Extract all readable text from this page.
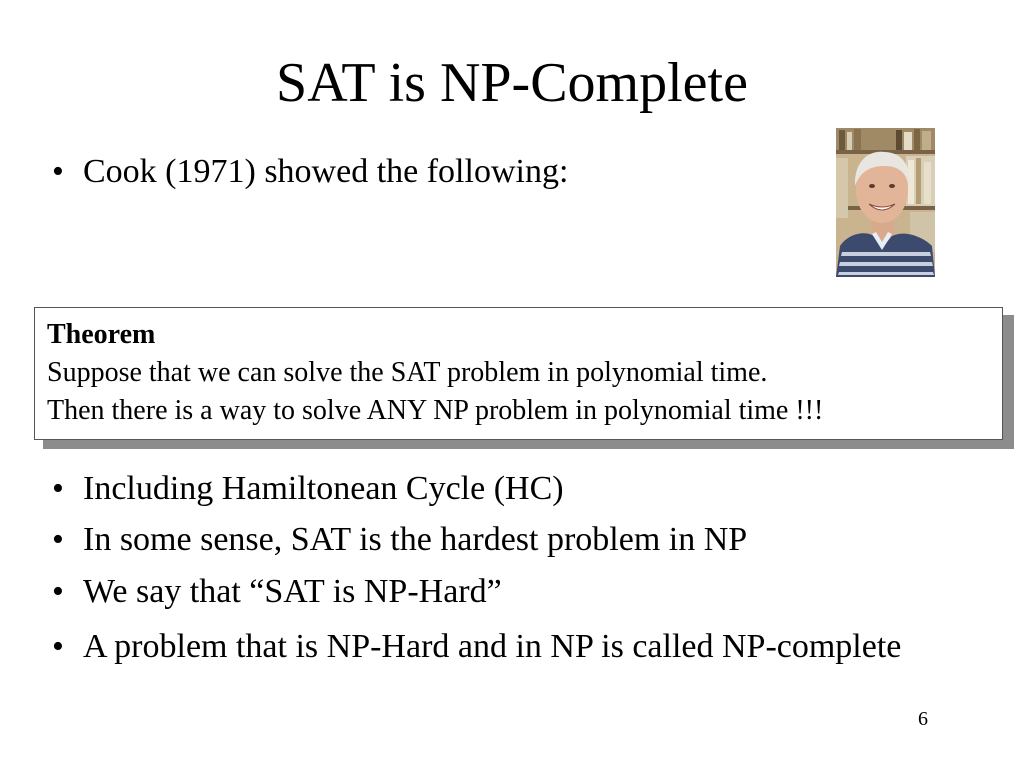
SAT is NP-Complete
• Cook (1971) showed the following:
Theorem
Suppose that we can solve the SAT problem in polynomial time.
Then there is a way to solve ANY NP problem in polynomial time !!!
• Including Hamiltonean Cycle (HC)
• In some sense, SAT is the hardest problem in NP
• We say that “SAT is NP-Hard”
• A problem that is NP-Hard and in NP is called NP-complete
6
